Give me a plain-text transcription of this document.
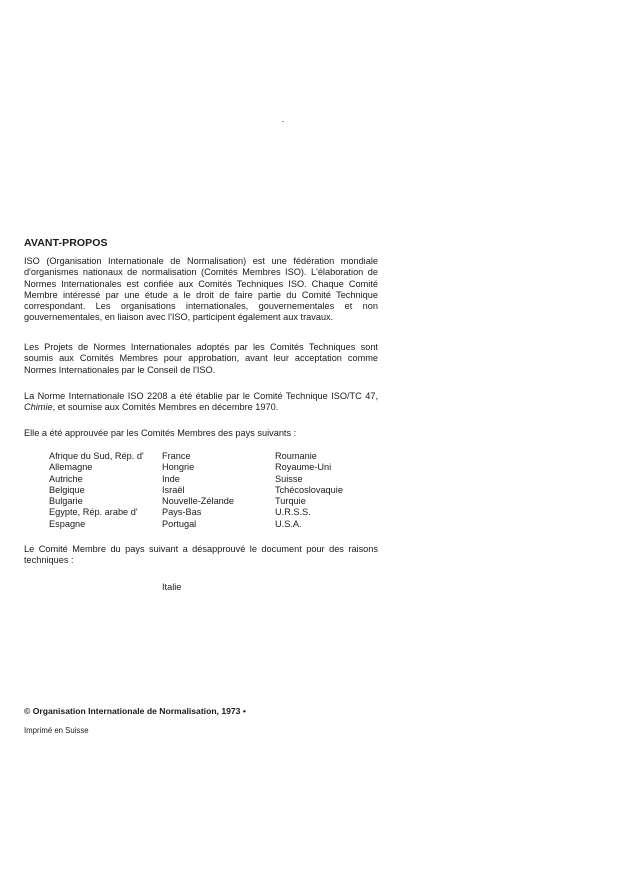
AVANT-PROPOS

ISO (Organisation Internationale de Normalisation) est une fédération mondiale d'organismes nationaux de normalisation (Comités Membres ISO). L'élaboration de Normes Internationales est confiée aux Comités Techniques ISO. Chaque Comité Membre intéressé par une étude a le droit de faire partie du Comité Technique correspondant. Les organisations internationales, gouvernementales et non gouvernementales, en liaison avec l'ISO, participent également aux travaux.

Les Projets de Normes Internationales adoptés par les Comités Techniques sont soumis aux Comités Membres pour approbation, avant leur acceptation comme Normes Internationales par le Conseil de l'ISO.

La Norme Internationale ISO 2208 a été établie par le Comité Technique ISO/TC 47, Chimie, et soumise aux Comités Membres en décembre 1970.

Elle a été approuvée par les Comités Membres des pays suivants :

Afrique du Sud, Rép. d'
Allemagne
Autriche
Belgique
Bulgarie
Egypte, Rép. arabe d'
Espagne
France
Hongrie
Inde
Israël
Nouvelle-Zélande
Pays-Bas
Portugal
Roumanie
Royaume-Uni
Suisse
Tchécoslovaquie
Turquie
U.R.S.S.
U.S.A.

Le Comité Membre du pays suivant a désapprouvé le document pour des raisons techniques :

Italie
© Organisation Internationale de Normalisation, 1973 •
Imprimé en Suisse
